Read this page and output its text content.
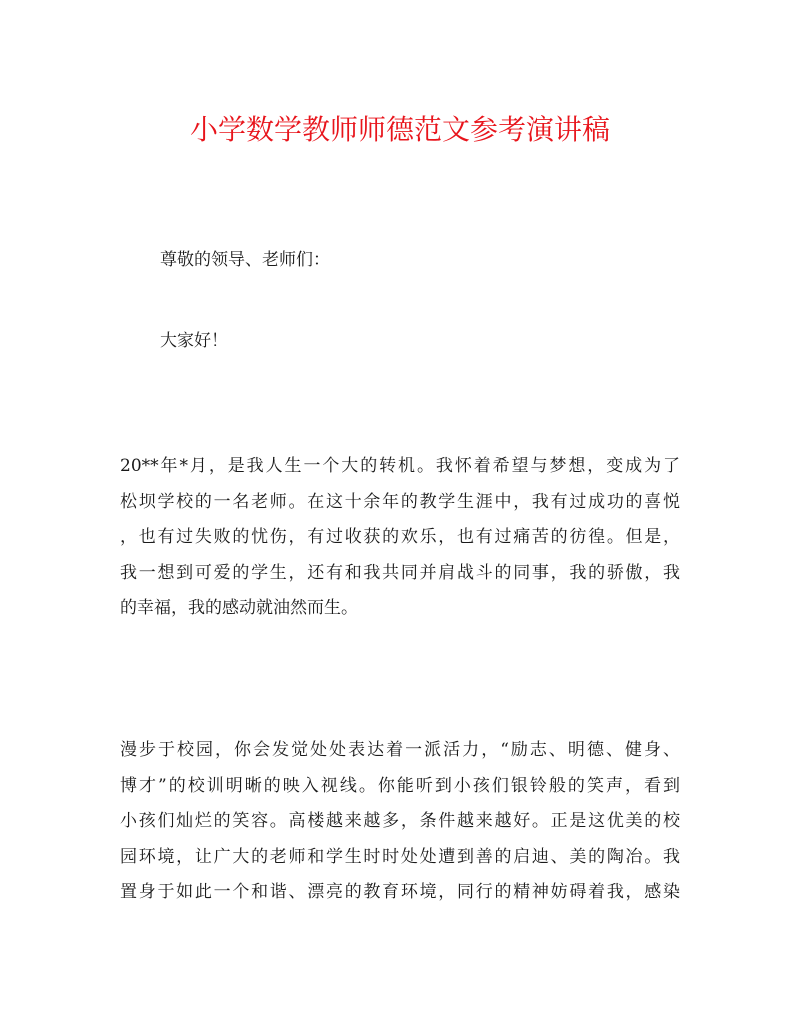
小学数学教师师德范文参考演讲稿
尊敬的领导、老师们：
大家好！
20**年*月，是我人生一个大的转机。我怀着希望与梦想，变成为了
松坝学校的一名老师。在这十余年的教学生涯中，我有过成功的喜悦
，也有过失败的忧伤，有过收获的欢乐，也有过痛苦的彷徨。但是，
我一想到可爱的学生，还有和我共同并肩战斗的同事，我的骄傲，我
的幸福，我的感动就油然而生。
漫步于校园，你会发觉处处表达着一派活力，“励志、明德、健身、
博才”的校训明晰的映入视线。你能听到小孩们银铃般的笑声，看到
小孩们灿烂的笑容。高楼越来越多，条件越来越好。正是这优美的校
园环境，让广大的老师和学生时时处处遭到善的启迪、美的陶冶。我
置身于如此一个和谐、漂亮的教育环境，同行的精神妨碍着我，感染
